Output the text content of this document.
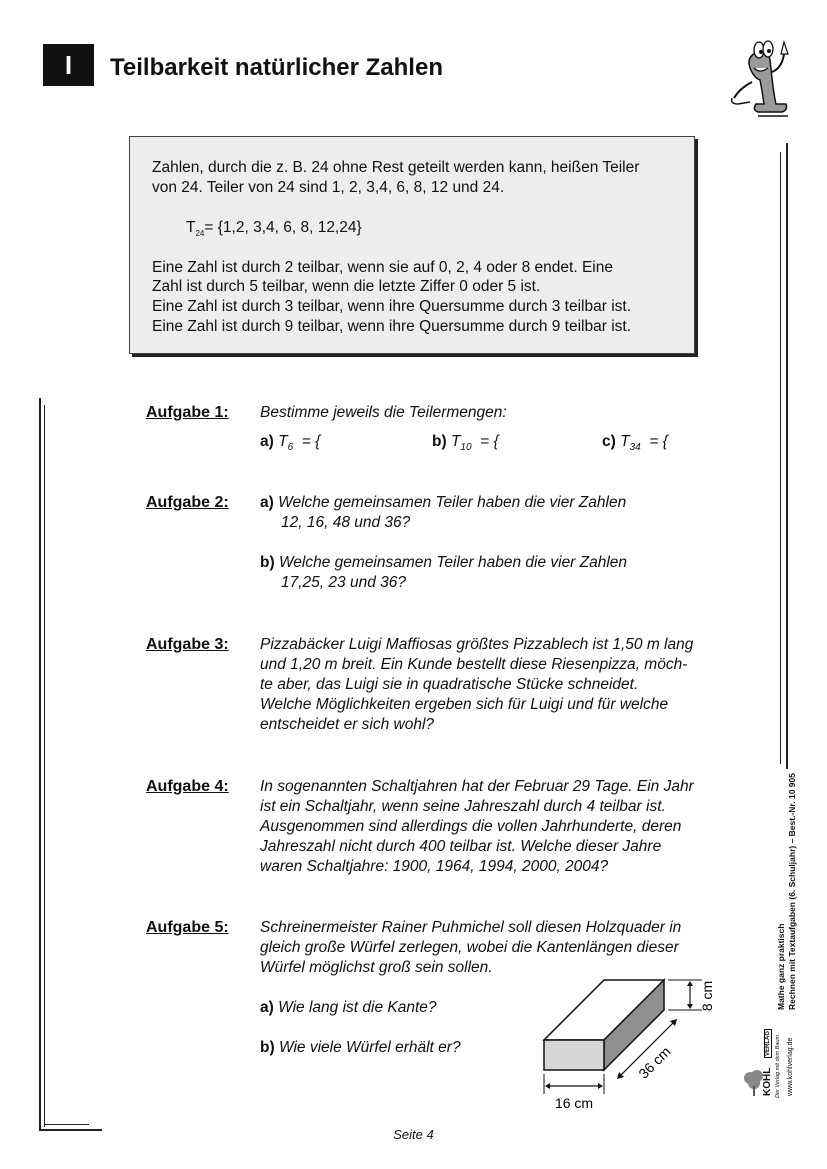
I Teilbarkeit natürlicher Zahlen
Zahlen, durch die z. B. 24 ohne Rest geteilt werden kann, heißen Teiler
von 24. Teiler von 24 sind 1, 2, 3,4, 6, 8, 12 und 24.
$T_{24}= \{1,2$, 3,4, 6, 8, 12,24}
Eine Zahl ist durch 2 teilbar, wenn sie auf 0, 2, 4 oder 8 endet. Eine
Zahl ist durch 5 teilbar, wenn die letzte Ziffer 0 oder 5 ist.
Eine Zahl ist durch 3 teilbar, wenn ihre Quersumme durch 3 teilbar ist.
Eine Zahl ist durch 9 teilbar, wenn ihre Quersumme durch 9 teilbar ist.
Aufgabe 1: Bestimme jeweils die Teilermengen:
a) $T_6$ = {	b) $T_{10}$ = {	c) $T_{34}$ = {
Aufgabe 2: a) Welche gemeinsamen Teiler haben die vier Zahlen
12, 16, 48 und 36?
b) Welche gemeinsamen Teiler haben die vier Zahlen
17,25, 23 und 36?
Aufgabe 3: Pizzabäcker Luigi Maffiosas größtes Pizzablech ist 1,50 m lang
und 1,20 m breit. Ein Kunde bestellt diese Riesenpizza, möch-
te aber, das Luigi sie in quadratische Stücke schneidet.
Welche Möglichkeiten ergeben sich für Luigi und für welche
entscheidet er sich wohl?
Aufgabe 4: In sogenannten Schaltjahren hat der Februar 29 Tage. Ein Jahr
ist ein Schaltjahr, wenn seine Jahreszahl durch 4 teilbar ist.
Ausgenommen sind allerdings die vollen Jahrhunderte, deren
Jahreszahl nicht durch 400 teilbar ist. Welche dieser Jahre
waren Schaltjahre: 1900, 1964, 1994, 2000, 2004?
Aufgabe 5: Schreinermeister Rainer Puhmichel soll diesen Holzquader in
gleich große Würfel zerlegen, wobei die Kantenlängen dieser
Würfel möglichst groß sein sollen.
a) Wie lang ist die Kante?
b) Wie viele Würfel erhält er?
8 cm
36 cm
16 cm
Mathe ganz praktisch Rechnen mit Textaufgaben (6. Schuljahr) – Best.-Nr. 10 905
KOHL
VERLAG Der Verlag mit dem Baum www.kohlverlag.de
Seite 4
